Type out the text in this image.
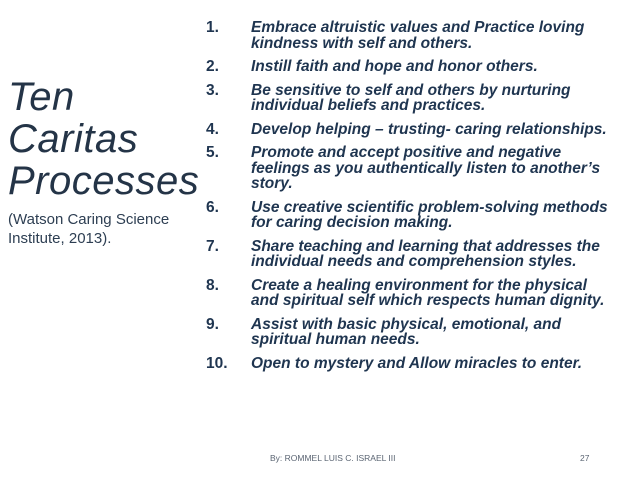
Ten
Caritas
Processes
(Watson Caring Science Institute, 2013).
1.	Embrace altruistic values and Practice loving kindness with self and others.
2.	Instill faith and hope and honor others.
3.	Be sensitive to self and others by nurturing individual beliefs and practices.
4.	Develop helping – trusting- caring relationships.
5.	Promote and accept positive and negative feelings as you authentically listen to another’s story.
6.	Use creative scientific problem-solving methods for caring decision making.
7.	Share teaching and learning that addresses the individual needs and comprehension styles.
8.	Create a healing environment for the physical and spiritual self which respects human dignity.
9.	Assist with basic physical, emotional, and spiritual human needs.
10.	Open to mystery and Allow miracles to enter.
By: ROMMEL LUIS C. ISRAEL III	27
